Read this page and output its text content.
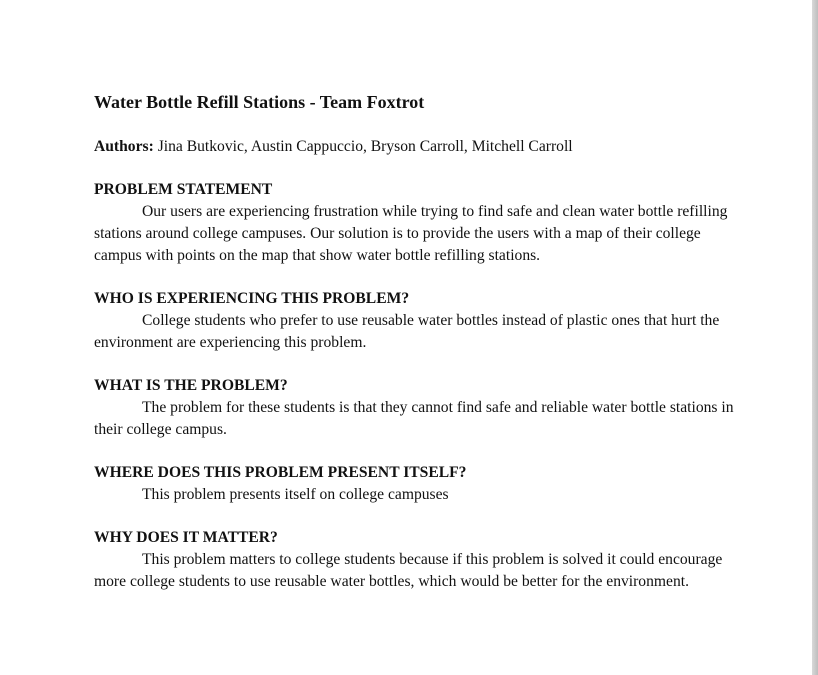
Water Bottle Refill Stations - Team Foxtrot

Authors: Jina Butkovic, Austin Cappuccio, Bryson Carroll, Mitchell Carroll

PROBLEM STATEMENT

Our users are experiencing frustration while trying to find safe and clean water bottle refilling stations around college campuses. Our solution is to provide the users with a map of their college campus with points on the map that show water bottle refilling stations.

WHO IS EXPERIENCING THIS PROBLEM?

College students who prefer to use reusable water bottles instead of plastic ones that hurt the environment are experiencing this problem.

WHAT IS THE PROBLEM?

The problem for these students is that they cannot find safe and reliable water bottle stations in their college campus.

WHERE DOES THIS PROBLEM PRESENT ITSELF?

This problem presents itself on college campuses

WHY DOES IT MATTER?

This problem matters to college students because if this problem is solved it could encourage more college students to use reusable water bottles, which would be better for the environment.
